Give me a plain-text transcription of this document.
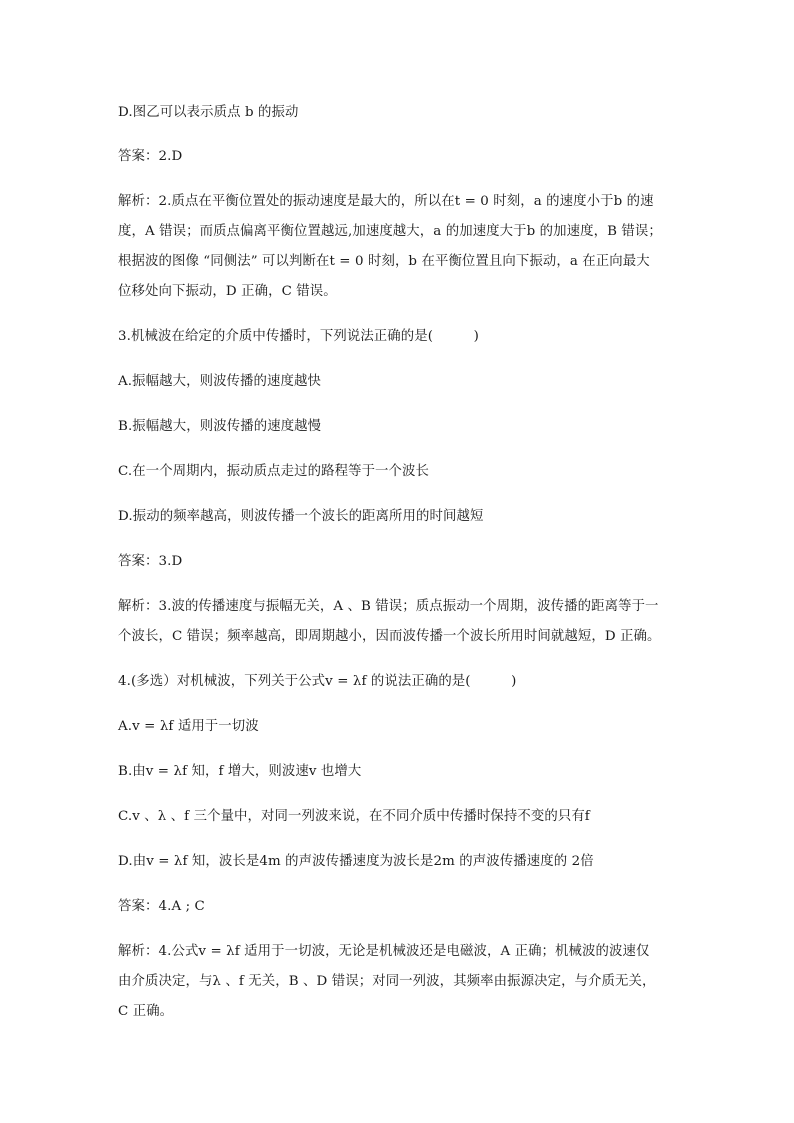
D.图乙可以表示质点 b 的振动
答案：2.D
解析：2.质点在平衡位置处的振动速度是最大的，所以在t = 0 时刻，a 的速度小于b 的速
度，A 错误；而质点偏离平衡位置越远,加速度越大，a 的加速度大于b 的加速度，B 错误；
根据波的图像 “同侧法” 可以判断在t = 0 时刻，b 在平衡位置且向下振动，a 在正向最大
位移处向下振动，D 正确，C 错误。
3.机械波在给定的介质中传播时，下列说法正确的是(　　　)
A.振幅越大，则波传播的速度越快
B.振幅越大，则波传播的速度越慢
C.在一个周期内，振动质点走过的路程等于一个波长
D.振动的频率越高，则波传播一个波长的距离所用的时间越短
答案：3.D
解析：3.波的传播速度与振幅无关，A 、B 错误；质点振动一个周期，波传播的距离等于一
个波长，C 错误；频率越高，即周期越小，因而波传播一个波长所用时间就越短，D 正确。
4.(多选）对机械波，下列关于公式v = λf 的说法正确的是(　　　)
A.v = λf 适用于一切波
B.由v = λf 知，f 增大，则波速v 也增大
C.v 、λ 、f 三个量中，对同一列波来说，在不同介质中传播时保持不变的只有f
D.由v = λf 知，波长是4m 的声波传播速度为波长是2m 的声波传播速度的 2倍
答案：4.A ; C
解析：4.公式v = λf 适用于一切波，无论是机械波还是电磁波，A 正确；机械波的波速仅
由介质决定，与λ 、f 无关，B 、D 错误；对同一列波，其频率由振源决定，与介质无关，
C 正确。
